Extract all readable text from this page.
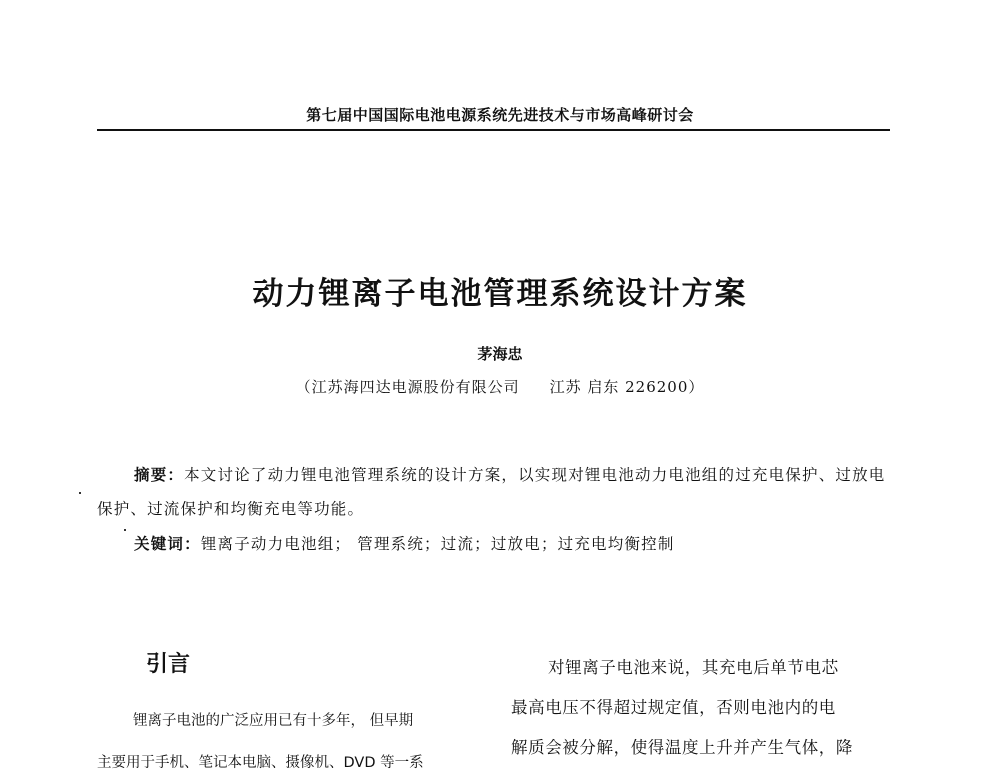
第七届中国国际电池电源系统先进技术与市场高峰研讨会
动力锂离子电池管理系统设计方案
茅海忠
（江苏海四达电源股份有限公司 江苏 启东 226200）
摘要：本文讨论了动力锂电池管理系统的设计方案，以实现对锂电池动力电池组的过充电保护、过放电保护、过流保护和均衡充电等功能。
关键词：锂离子动力电池组； 管理系统；过流；过放电；过充电均衡控制
引言

锂离子电池的广泛应用已有十多年， 但早期

主要用于手机、笔记本电脑、摄像机、DVD 等一系

对锂离子电池来说，其充电后单节电芯

最高电压不得超过规定值，否则电池内的电

解质会被分解，使得温度上升并产生气体，降
